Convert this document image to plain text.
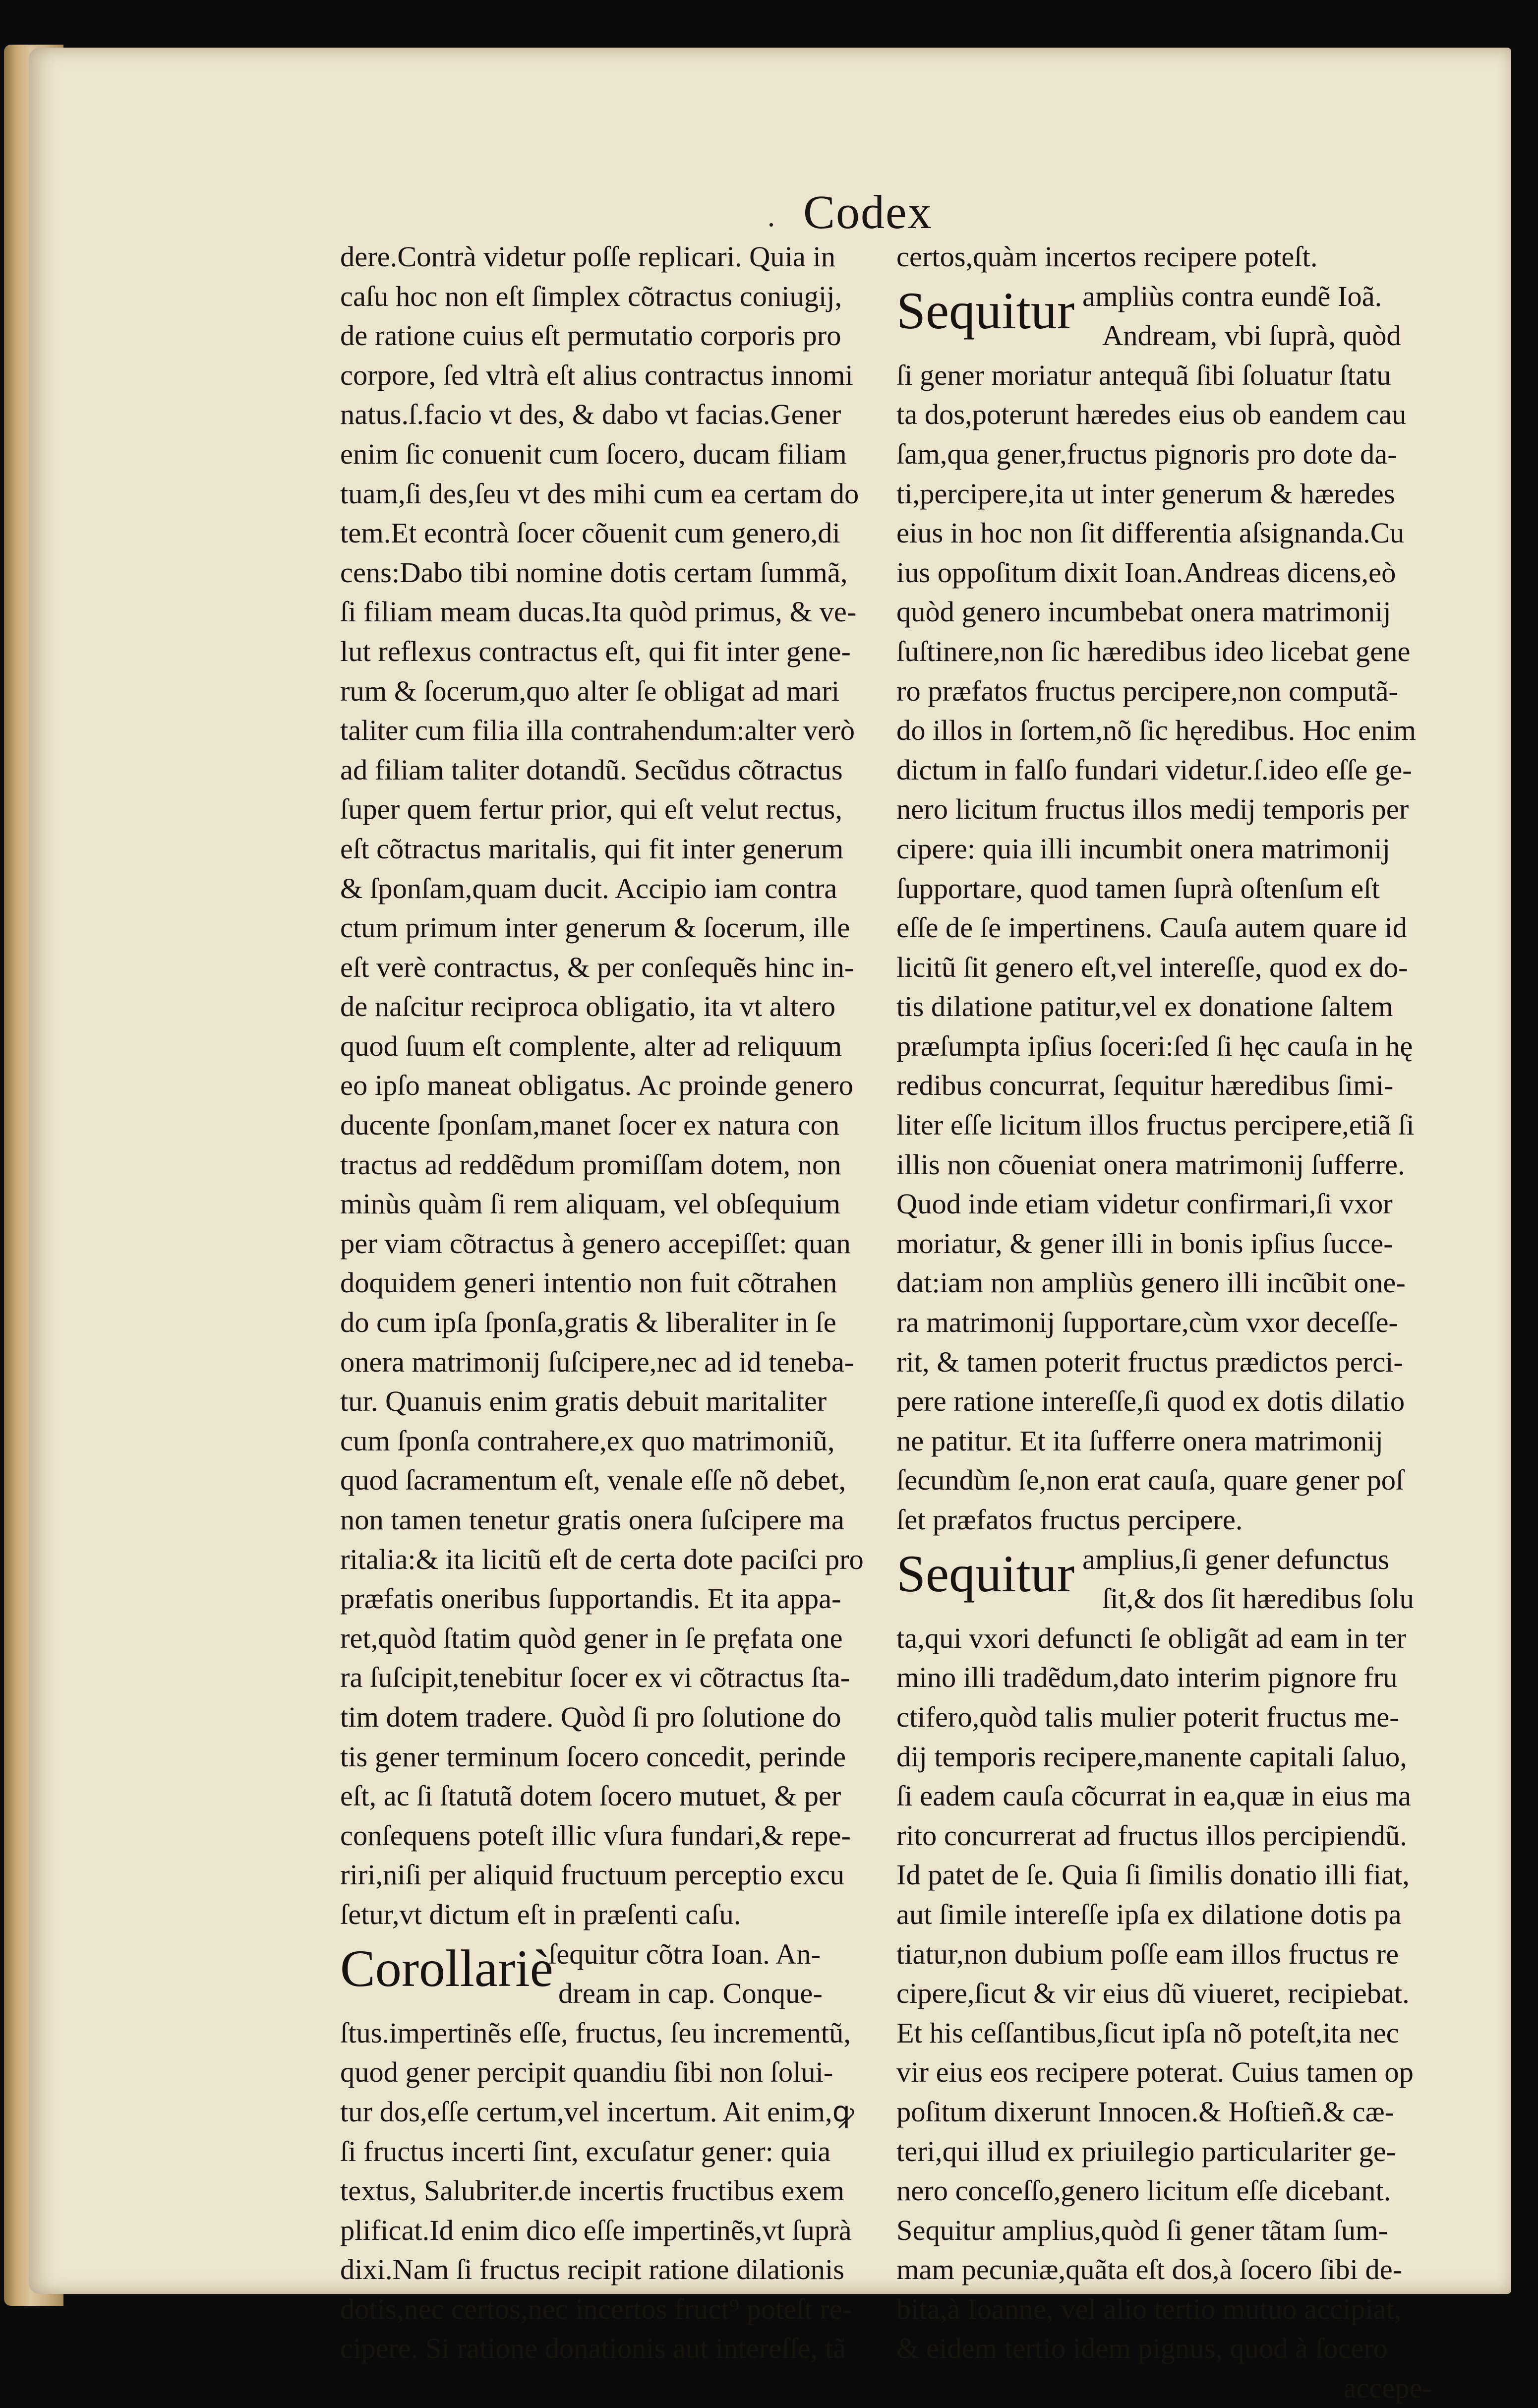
. Codex
dere.Contrà videtur poſſe replicari. Quia in
caſu hoc non eſt ſimplex cõtractus coniugij,
de ratione cuius eſt permutatio corporis pro
corpore, ſed vltrà eſt alius contractus innomi
natus.ſ.facio vt des, & dabo vt facias.Gener
enim ſic conuenit cum ſocero, ducam filiam
tuam,ſi des,ſeu vt des mihi cum ea certam do
tem.Et econtrà ſocer cõuenit cum genero,di
cens:Dabo tibi nomine dotis certam ſummã,
ſi filiam meam ducas.Ita quòd primus, & ve-
lut reflexus contractus eſt, qui fit inter gene-
rum & ſocerum,quo alter ſe obligat ad mari
taliter cum filia illa contrahendum:alter verò
ad filiam taliter dotandũ. Secũdus cõtractus
ſuper quem fertur prior, qui eſt velut rectus,
eſt cõtractus maritalis, qui fit inter generum
& ſponſam,quam ducit. Accipio iam contra
ctum primum inter generum & ſocerum, ille
eſt verè contractus, & per conſequẽs hinc in-
de naſcitur reciproca obligatio, ita vt altero
quod ſuum eſt complente, alter ad reliquum
eo ipſo maneat obligatus. Ac proinde genero
ducente ſponſam,manet ſocer ex natura con
tractus ad reddẽdum promiſſam dotem, non
minùs quàm ſi rem aliquam, vel obſequium
per viam cõtractus à genero accepiſſet: quan
doquidem generi intentio non fuit cõtrahen
do cum ipſa ſponſa,gratis & liberaliter in ſe
onera matrimonij ſuſcipere,nec ad id teneba-
tur. Quanuis enim gratis debuit maritaliter
cum ſponſa contrahere,ex quo matrimoniũ,
quod ſacramentum eſt, venale eſſe nõ debet,
non tamen tenetur gratis onera ſuſcipere ma
ritalia:& ita licitũ eſt de certa dote paciſci pro
præfatis oneribus ſupportandis. Et ita appa-
ret,quòd ſtatim quòd gener in ſe pręfata one
ra ſuſcipit,tenebitur ſocer ex vi cõtractus ſta-
tim dotem tradere. Quòd ſi pro ſolutione do
tis gener terminum ſocero concedit, perinde
eſt, ac ſi ſtatutã dotem ſocero mutuet, & per
conſequens poteſt illic vſura fundari,& repe-
riri,niſi per aliquid fructuum perceptio excu
ſetur,vt dictum eſt in præſenti caſu.
Corollariè
ſequitur cõtra Ioan. An-
dream in cap. Conque-
ſtus.impertinẽs eſſe, fructus, ſeu incrementũ,
quod gener percipit quandiu ſibi non ſolui-
tur dos,eſſe certum,vel incertum. Ait enim,ꝙ
ſi fructus incerti ſint, excuſatur gener: quia
textus, Salubriter.de incertis fructibus exem
plificat.Id enim dico eſſe impertinẽs,vt ſuprà
dixi.Nam ſi fructus recipit ratione dilationis
dotis,nec certos,nec incertos fruct⁹ poteſt re-
cipere. Si ratione donationis aut intereſſe, tã
certos,quàm incertos recipere poteſt.
Sequitur ampliùs contra eundẽ Ioã.
Andream, vbi ſuprà, quòd
ſi gener moriatur antequã ſibi ſoluatur ſtatu
ta dos,poterunt hæredes eius ob eandem cau
ſam,qua gener,fructus pignoris pro dote da-
ti,percipere,ita ut inter generum & hæredes
eius in hoc non ſit differentia aſsignanda.Cu
ius oppoſitum dixit Ioan.Andreas dicens,eò
quòd genero incumbebat onera matrimonij
ſuſtinere,non ſic hæredibus ideo licebat gene
ro præfatos fructus percipere,non computã-
do illos in ſortem,nõ ſic hęredibus. Hoc enim
dictum in falſo fundari videtur.ſ.ideo eſſe ge-
nero licitum fructus illos medij temporis per
cipere: quia illi incumbit onera matrimonij
ſupportare, quod tamen ſuprà oſtenſum eſt
eſſe de ſe impertinens. Cauſa autem quare id
licitũ ſit genero eſt,vel intereſſe, quod ex do-
tis dilatione patitur,vel ex donatione ſaltem
præſumpta ipſius ſoceri:ſed ſi hęc cauſa in hę
redibus concurrat, ſequitur hæredibus ſimi-
liter eſſe licitum illos fructus percipere,etiã ſi
illis non cõueniat onera matrimonij ſufferre.
Quod inde etiam videtur confirmari,ſi vxor
moriatur, & gener illi in bonis ipſius ſucce-
dat:iam non ampliùs genero illi incũbit one-
ra matrimonij ſupportare,cùm vxor deceſſe-
rit, & tamen poterit fructus prædictos perci-
pere ratione intereſſe,ſi quod ex dotis dilatio
ne patitur. Et ita ſufferre onera matrimonij
ſecundùm ſe,non erat cauſa, quare gener poſ
ſet præfatos fructus percipere.
Sequitur amplius,ſi gener defunctus
ſit,& dos ſit hæredibus ſolu
ta,qui vxori defuncti ſe obligãt ad eam in ter
mino illi tradẽdum,dato interim pignore fru
ctifero,quòd talis mulier poterit fructus me-
dij temporis recipere,manente capitali ſaluo,
ſi eadem cauſa cõcurrat in ea,quæ in eius ma
rito concurrerat ad fructus illos percipiendũ.
Id patet de ſe. Quia ſi ſimilis donatio illi fiat,
aut ſimile intereſſe ipſa ex dilatione dotis pa
tiatur,non dubium poſſe eam illos fructus re
cipere,ſicut & vir eius dũ viueret, recipiebat.
Et his ceſſantibus,ſicut ipſa nõ poteſt,ita nec
vir eius eos recipere poterat. Cuius tamen op
poſitum dixerunt Innocen.& Hoſtieñ.& cæ-
teri,qui illud ex priuilegio particulariter ge-
nero conceſſo,genero licitum eſſe dicebant.
Sequitur amplius,quòd ſi gener tãtam ſum-
mam pecuniæ,quãta eſt dos,à ſocero ſibi de-
bita,à Ioanne, vel alio tertio mutuo accipiat,
& eidem tertio idem pignus, quod à ſocero
accepe-
